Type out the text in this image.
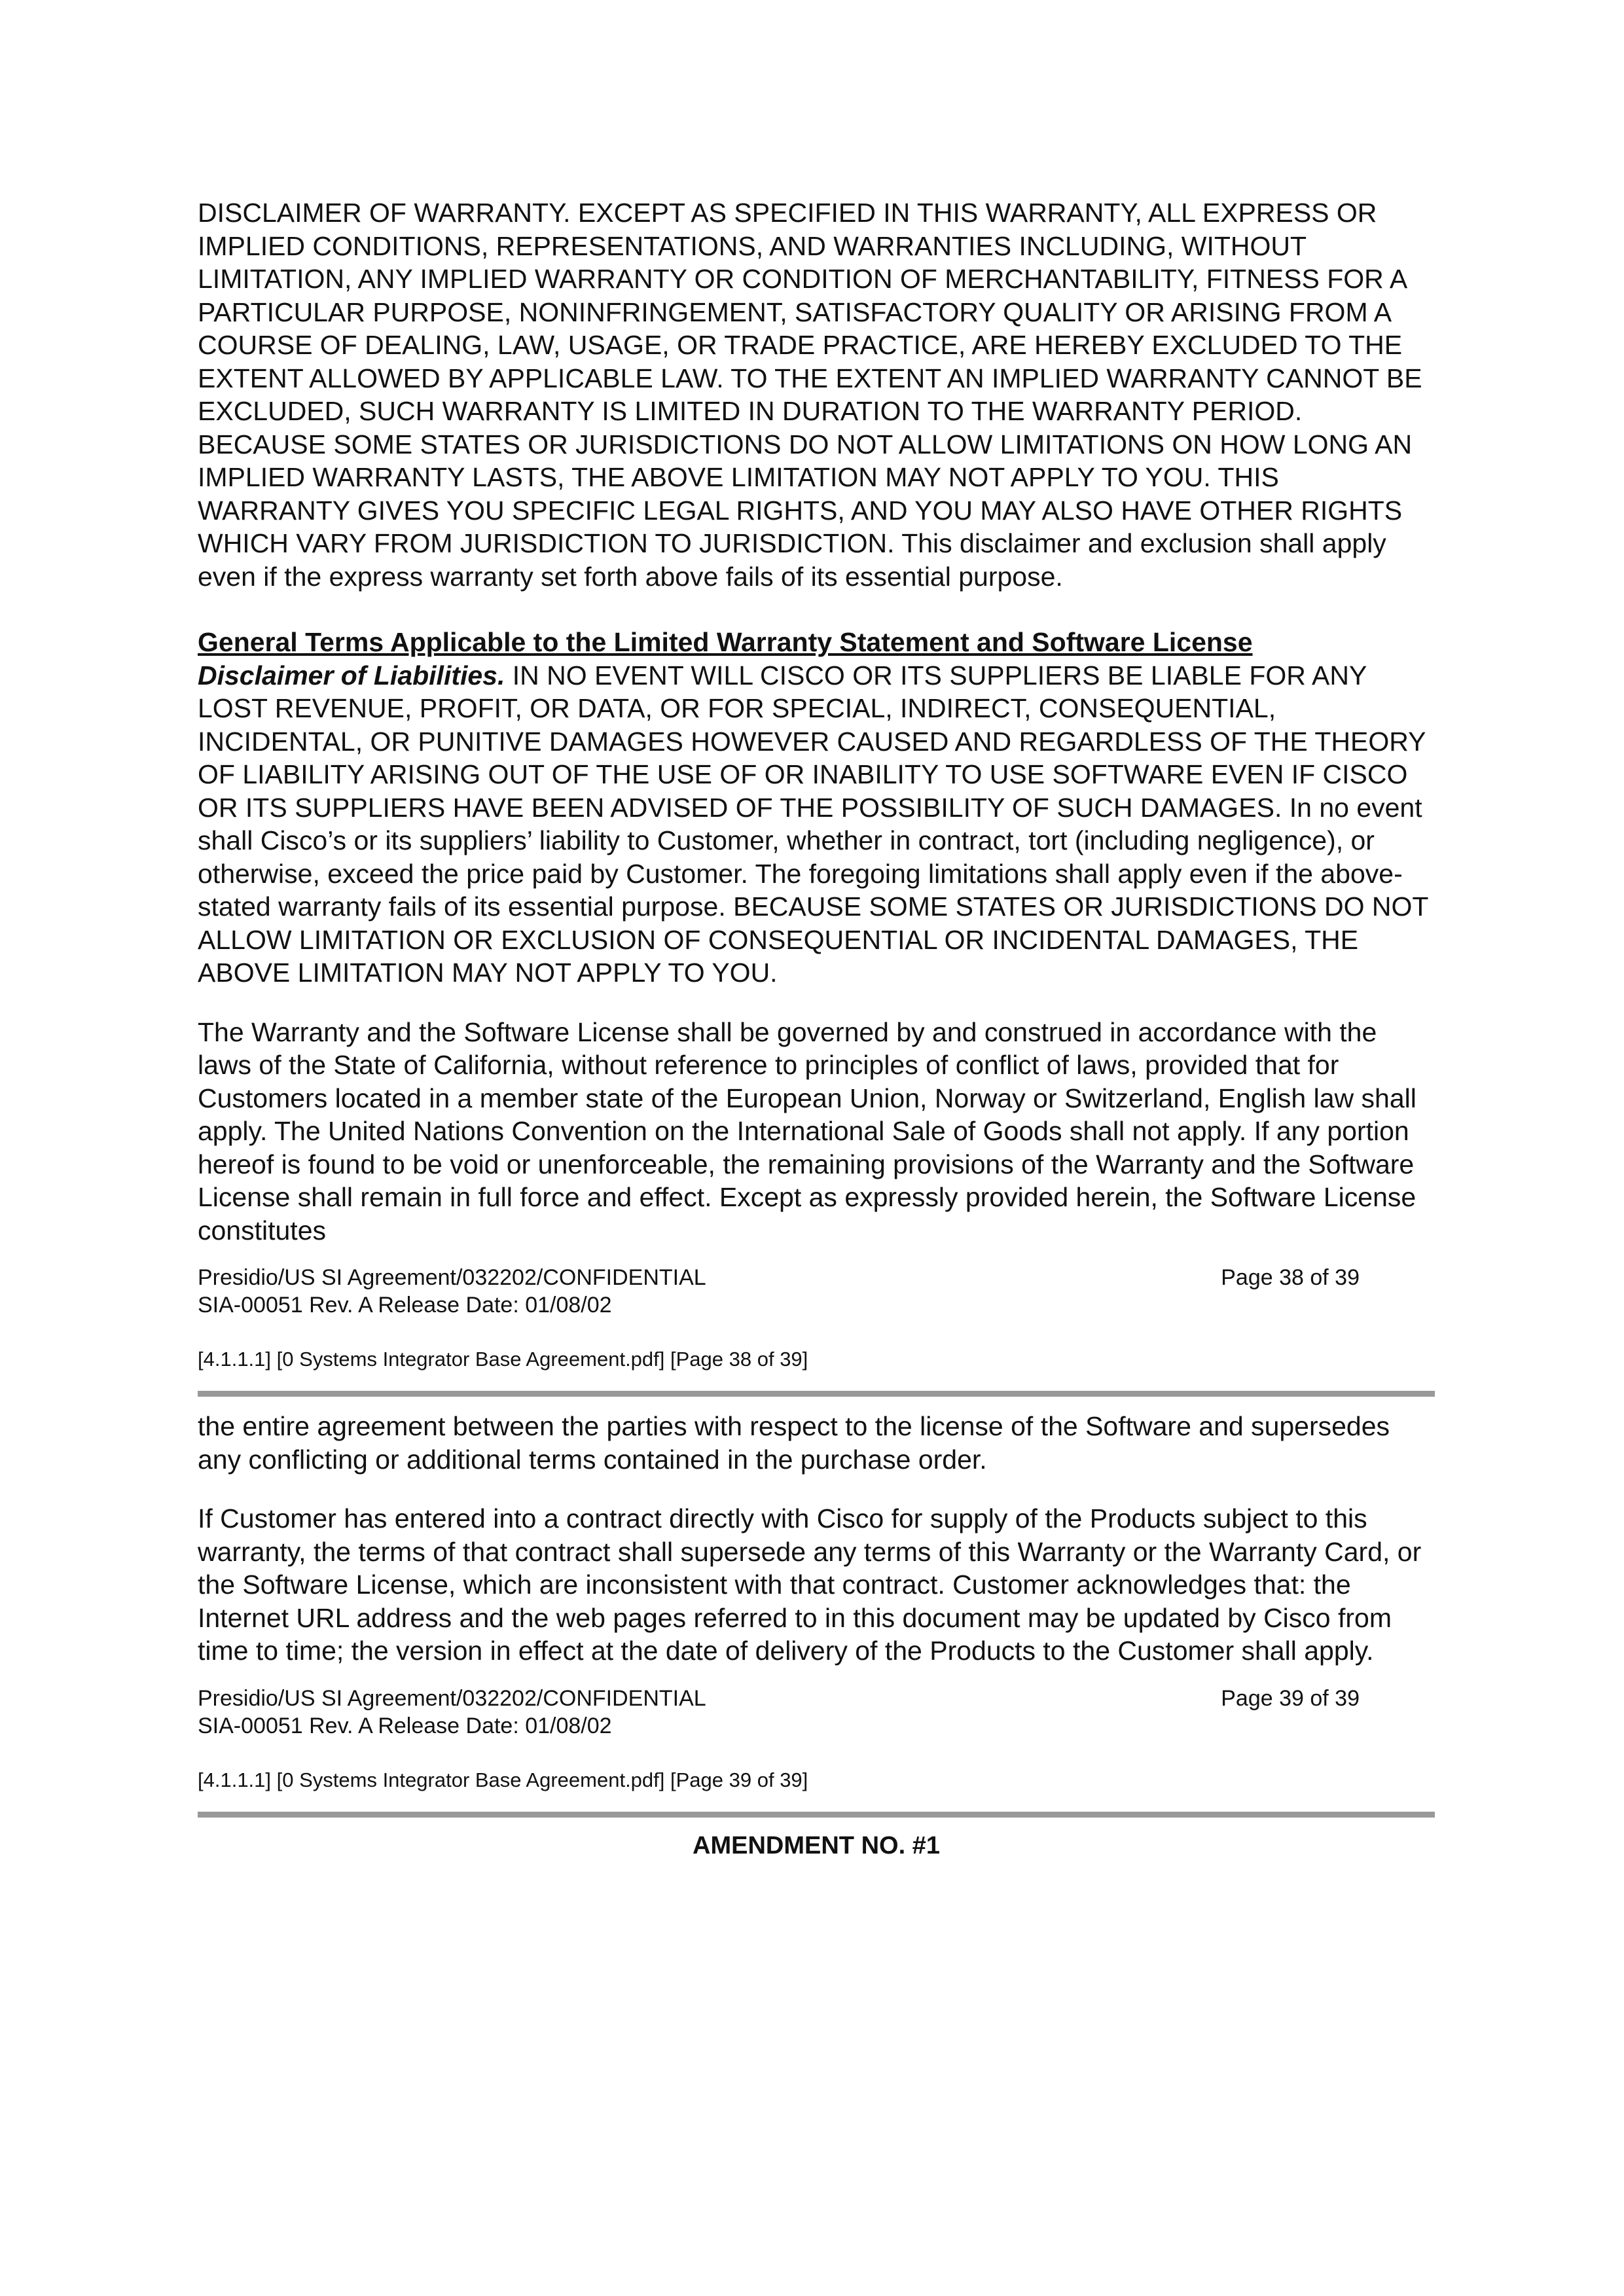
DISCLAIMER OF WARRANTY. EXCEPT AS SPECIFIED IN THIS WARRANTY, ALL EXPRESS OR IMPLIED CONDITIONS, REPRESENTATIONS, AND WARRANTIES INCLUDING, WITHOUT LIMITATION, ANY IMPLIED WARRANTY OR CONDITION OF MERCHANTABILITY, FITNESS FOR A PARTICULAR PURPOSE, NONINFRINGEMENT, SATISFACTORY QUALITY OR ARISING FROM A COURSE OF DEALING, LAW, USAGE, OR TRADE PRACTICE, ARE HEREBY EXCLUDED TO THE EXTENT ALLOWED BY APPLICABLE LAW. TO THE EXTENT AN IMPLIED WARRANTY CANNOT BE EXCLUDED, SUCH WARRANTY IS LIMITED IN DURATION TO THE WARRANTY PERIOD. BECAUSE SOME STATES OR JURISDICTIONS DO NOT ALLOW LIMITATIONS ON HOW LONG AN IMPLIED WARRANTY LASTS, THE ABOVE LIMITATION MAY NOT APPLY TO YOU. THIS WARRANTY GIVES YOU SPECIFIC LEGAL RIGHTS, AND YOU MAY ALSO HAVE OTHER RIGHTS WHICH VARY FROM JURISDICTION TO JURISDICTION. This disclaimer and exclusion shall apply even if the express warranty set forth above fails of its essential purpose.

General Terms Applicable to the Limited Warranty Statement and Software License
Disclaimer of Liabilities. IN NO EVENT WILL CISCO OR ITS SUPPLIERS BE LIABLE FOR ANY LOST REVENUE, PROFIT, OR DATA, OR FOR SPECIAL, INDIRECT, CONSEQUENTIAL, INCIDENTAL, OR PUNITIVE DAMAGES HOWEVER CAUSED AND REGARDLESS OF THE THEORY OF LIABILITY ARISING OUT OF THE USE OF OR INABILITY TO USE SOFTWARE EVEN IF CISCO OR ITS SUPPLIERS HAVE BEEN ADVISED OF THE POSSIBILITY OF SUCH DAMAGES. In no event shall Cisco’s or its suppliers’ liability to Customer, whether in contract, tort (including negligence), or otherwise, exceed the price paid by Customer. The foregoing limitations shall apply even if the above-stated warranty fails of its essential purpose. BECAUSE SOME STATES OR JURISDICTIONS DO NOT ALLOW LIMITATION OR EXCLUSION OF CONSEQUENTIAL OR INCIDENTAL DAMAGES, THE ABOVE LIMITATION MAY NOT APPLY TO YOU.

The Warranty and the Software License shall be governed by and construed in accordance with the laws of the State of California, without reference to principles of conflict of laws, provided that for Customers located in a member state of the European Union, Norway or Switzerland, English law shall apply. The United Nations Convention on the International Sale of Goods shall not apply. If any portion hereof is found to be void or unenforceable, the remaining provisions of the Warranty and the Software License shall remain in full force and effect. Except as expressly provided herein, the Software License constitutes

Presidio/US SI Agreement/032202/CONFIDENTIAL	Page 38 of 39
SIA-00051 Rev. A Release Date: 01/08/02
[4.1.1.1] [0 Systems Integrator Base Agreement.pdf] [Page 38 of 39]

the entire agreement between the parties with respect to the license of the Software and supersedes any conflicting or additional terms contained in the purchase order.

If Customer has entered into a contract directly with Cisco for supply of the Products subject to this warranty, the terms of that contract shall supersede any terms of this Warranty or the Warranty Card, or the Software License, which are inconsistent with that contract. Customer acknowledges that: the Internet URL address and the web pages referred to in this document may be updated by Cisco from time to time; the version in effect at the date of delivery of the Products to the Customer shall apply.

Presidio/US SI Agreement/032202/CONFIDENTIAL	Page 39 of 39
SIA-00051 Rev. A Release Date: 01/08/02
[4.1.1.1] [0 Systems Integrator Base Agreement.pdf] [Page 39 of 39]
AMENDMENT NO. #1
